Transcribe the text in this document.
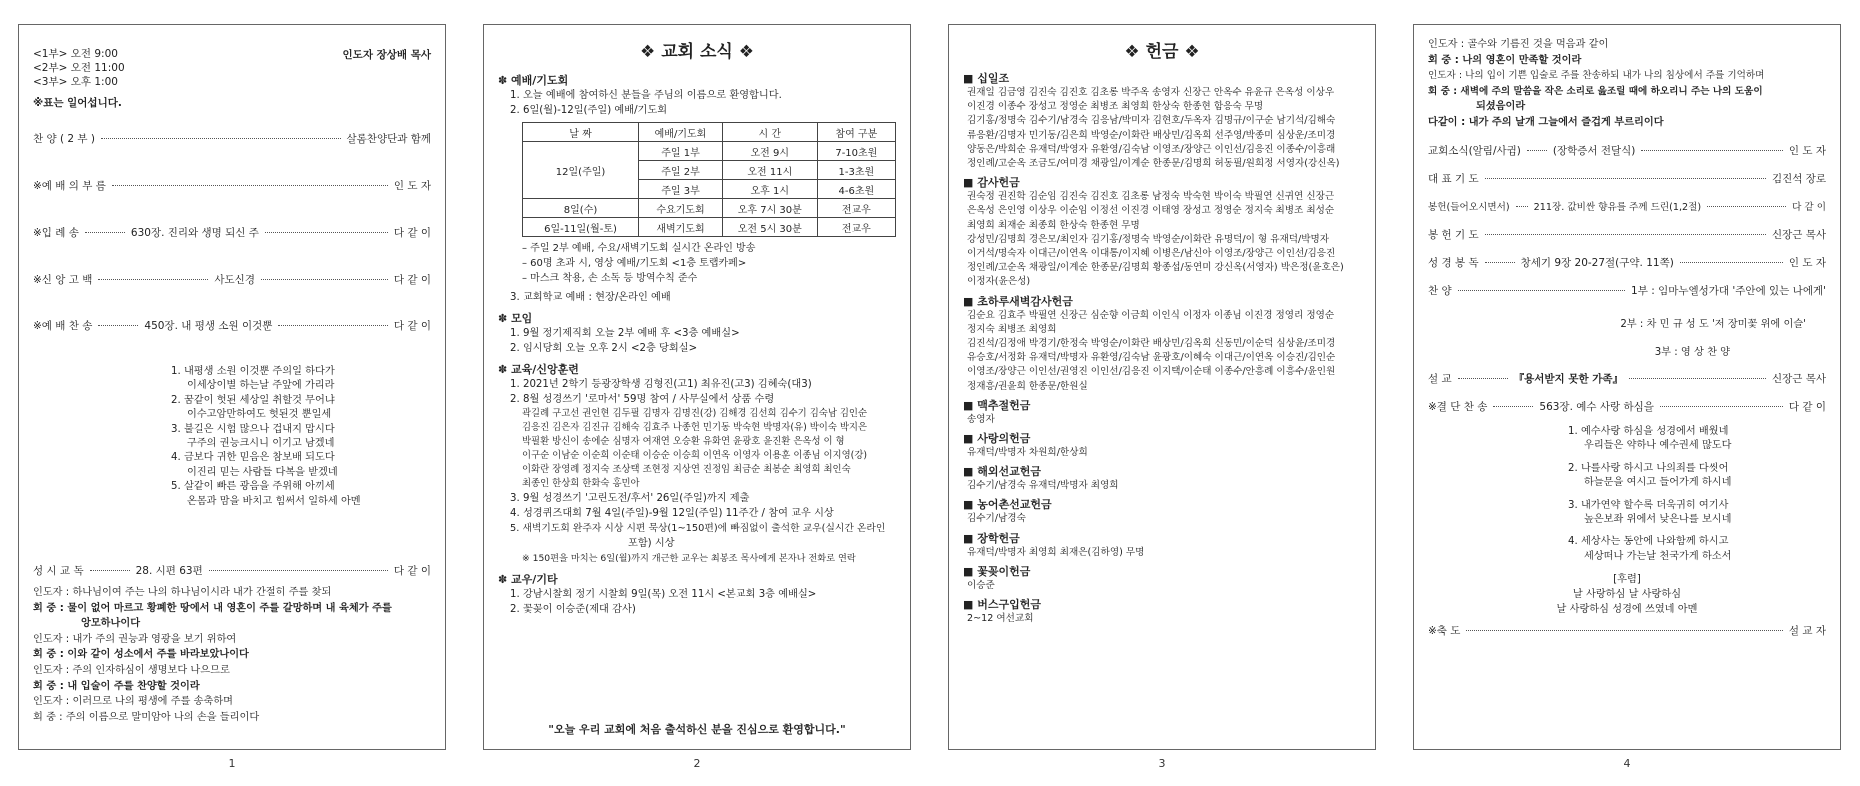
<1부> 오전 9:00
<2부> 오전 11:00
<3부> 오후 1:00
인도자 장상배 목사
※표는 일어섭니다.
찬 양 ( 2 부 )	살롬찬양단과 함께
※예 배 의 부 름	인 도 자
※입 례 송	630장. 진리와 생명 되신 주	다 같 이
※신 앙 고 백	사도신경	다 같 이
※예 배 찬 송	450장. 내 평생 소원 이것뿐	다 같 이
1. 내평생 소원 이것뿐 주의일 하다가
이세상이별 하는날 주앞에 가리라
2. 꿈같이 헛된 세상일 취할것 무어냐
이수고암만하여도 헛된것 뿐일세
3. 불길은 시험 많으나 겁내지 맙시다
구주의 권능크시니 이기고 남겠네
4. 금보다 귀한 믿음은 참보배 되도다
이진리 믿는 사람들 다복을 받겠네
5. 살같이 빠른 광음을 주위해 아끼세
온몸과 맘을 바치고 힘써서 일하세 아멘
성 시 교 독	28. 시편 63편	다 같 이
인도자 : 하나님이여 주는 나의 하나님이시라 내가 간절히 주를 찾되
회 중 : 물이 없어 마르고 황폐한 땅에서 내 영혼이 주를 갈망하며 내 육체가 주를
앙모하나이다
인도자 : 내가 주의 권능과 영광을 보기 위하여
회 중 : 이와 같이 성소에서 주를 바라보았나이다
인도자 : 주의 인자하심이 생명보다 나으므로
회 중 : 내 입술이 주를 찬양할 것이라
인도자 : 이러므로 나의 평생에 주를 송축하며
회 중 : 주의 이름으로 말미암아 나의 손을 들리이다
1
❖ 교회 소식 ❖
✽ 예배/기도회
1. 오늘 예배에 참여하신 분들을 주님의 이름으로 환영합니다.
2. 6일(월)-12일(주일) 예배/기도회
날 짜	예배/기도회	시 간	참여 구분
12일(주일)	주일 1부	오전 9시	7-10초원
	주일 2부	오전 11시	1-3초원
	주일 3부	오후 1시	4-6초원
8일(수)	수요기도회	오후 7시 30분	전교우
6일-11일(월-토)	새벽기도회	오전 5시 30분	전교우
– 주일 2부 예배, 수요/새벽기도회 실시간 온라인 방송
– 60명 초과 시, 영상 예배/기도회 <1층 토랩카페>
– 마스크 착용, 손 소독 등 방역수칙 준수
3. 교회학교 예배 : 현장/온라인 예배
✽ 모임
1. 9월 정기제직회 오늘 2부 예배 후 <3층 예배실>
2. 임시당회 오늘 오후 2시 <2층 당회실>
✽ 교육/신앙훈련
1. 2021년 2학기 등광장학생 김형진(고1) 최유진(고3) 김혜숙(대3)
2. 8월 성경쓰기 '로마서' 59명 참여 / 사무실에서 상품 수령
곽길례 구고선 권인현 김두필 김명자 김명진(강) 김해경 김선희 김수기 김숙남 김인순
김응진 김은자 김진규 김해숙 김효주 나종헌 민기동 박숙현 박명자(유) 박이숙 박지은
박필환 방신이 송에순 심명자 여재연 오승환 유화연 윤광호 윤진환 은옥성 이 형
이구순 이남순 이순희 이순태 이승순 이승희 이연옥 이영자 이용훈 이종님 이지영(강)
이화란 장영례 정지숙 조상택 조현정 지상연 진정임 최금순 최봉순 최영희 최인숙
최종인 한상희 한화숙 홍민아
3. 9월 성경쓰기 '고린도전/후서' 26일(주일)까지 제출
4. 성경퀴즈대회 7월 4일(주일)-9월 12일(주일) 11주간 / 참여 교우 시상
5. 새벽기도회 완주자 시상 시편 묵상(1~150편)에 빠짐없이 출석한 교우(실시간 온라인
포함) 시상
※ 150편을 마치는 6일(월)까지 개근한 교우는 최봉조 목사에게 본자나 전화로 연락
✽ 교우/기타
1. 강남시찰회 정기 시찰회 9일(목) 오전 11시 <본교회 3층 예배실>
2. 꽃꽂이 이승준(제대 감사)
"오늘 우리 교회에 처음 출석하신 분을 진심으로 환영합니다."
2
❖ 헌금 ❖
■ 십일조
권재일 김금영 김진숙 김진호 김초롱 박주옥 송영자 신장근 안옥수 유윤규 은옥성 이상우
이진경 이종수 장성고 정영순 최병조 최영희 한상숙 한종현 함응숙 무명
김기홍/정명숙 김수기/남경숙 김응남/박미자 김현호/두옥자 김명규/이구순 남기석/김해숙
류응환/김명자 민기동/김은희 박영순/이화란 배상민/김옥희 선주영/박종미 심상운/조미경
양동은/박희순 유재덕/박영자 유환영/김숙남 이영조/장양근 이인선/김응진 이종수/이흥래
정인례/고순옥 조금도/여미경 채광일/이계순 한종문/김명희 허동필/원희정 서영자(강신옥)
■ 감사헌금
권숙정 권진학 김순임 김진숙 김진호 김초롱 남정숙 박숙현 박이숙 박필연 신귀연 신장근
은옥성 은인영 이상우 이순임 이정선 이진경 이태영 장성고 정영순 정지숙 최병조 최성순
최영희 최재순 최종희 한상숙 한종현 무명
강성민/김명희 경은모/최인자 김기홍/정명숙 박영순/이화란 유명덕/이 형 유재덕/박명자
이거석/명숙자 이대근/이연옥 이대통/이지혜 이병은/남신아 이영조/장양근 이인선/김응진
정인례/고순옥 채광일/이계순 한종문/김명희 황종섭/동연미 강신옥(서영자) 박은정(윤호은)
이정자(윤은성)
■ 초하루새벽감사헌금
김순요 김효주 박필연 신장근 심순향 이금희 이인식 이정자 이종님 이진경 정영리 정영순
정지숙 최병조 최영희
김진석/김정애 박경기/한정숙 박영순/이화란 배상민/김옥희 신동민/이순덕 심상윤/조미경
유승호/서정화 유재덕/박명자 유환영/김숙남 윤광호/이혜숙 이대근/이연옥 이승진/김인순
이영조/장양근 이인선/권영진 이인선/김응진 이지택/이순태 이종수/안흥례 이흥수/윤인원
정재흥/권윤희 한종문/한원실
■ 맥추절헌금
송영자
■ 사랑의헌금
유재덕/박명자 차원희/한상희
■ 해외선교헌금
김수기/남경숙 유재덕/박명자 최영희
■ 농어촌선교헌금
김수기/남경숙
■ 장학헌금
유재덕/박명자 최영희 최재은(김하영) 무명
■ 꽃꽂이헌금
이승준
■ 버스구입헌금
2~12 여선교회
3
인도자 : 골수와 기름진 것을 먹음과 같이
회 중 : 나의 영혼이 만족할 것이라
인도자 : 나의 입이 기쁜 입술로 주를 찬송하되 내가 나의 침상에서 주를 기억하며
회 중 : 새벽에 주의 말씀을 작은 소리로 읊조릴 때에 하오리니 주는 나의 도움이
되셨음이라
다같이 : 내가 주의 날개 그늘에서 즐겁게 부르리이다
교회소식(알림/사귐)	(장학증서 전달식)	인 도 자
대 표 기 도	김진석 장로
봉헌(들어오시면서)	211장. 값비싼 향유를 주께 드린(1,2절)	다 같 이
봉 헌 기 도	신장근 목사
성 경 봉 독	창세기 9장 20-27절(구약. 11쪽)	인 도 자
찬 양	1부 : 임마누엘성가대 '주안에 있는 나에게'
2부 : 차 민 규 성 도 '저 장미꽃 위에 이슬'
3부 : 영 상 찬 양
설 교	『용서받지 못한 가족』	신장근 목사
※결 단 찬 송	563장. 예수 사랑 하심을	다 같 이
1. 예수사랑 하심을 성경에서 배웠네
우리들은 약하나 예수권세 많도다
2. 나를사랑 하시고 나의죄를 다씻어
하늘문을 여시고 들어가게 하시네
3. 내가연약 할수록 더욱귀히 여기사
높은보좌 위에서 낮은나를 보시네
4. 세상사는 동안에 나와함께 하시고
세상떠나 가는날 천국가게 하소서
[후렴]
날 사랑하심 날 사랑하심
날 사랑하심 성경에 쓰였네 아멘
※축 도	설 교 자
4
